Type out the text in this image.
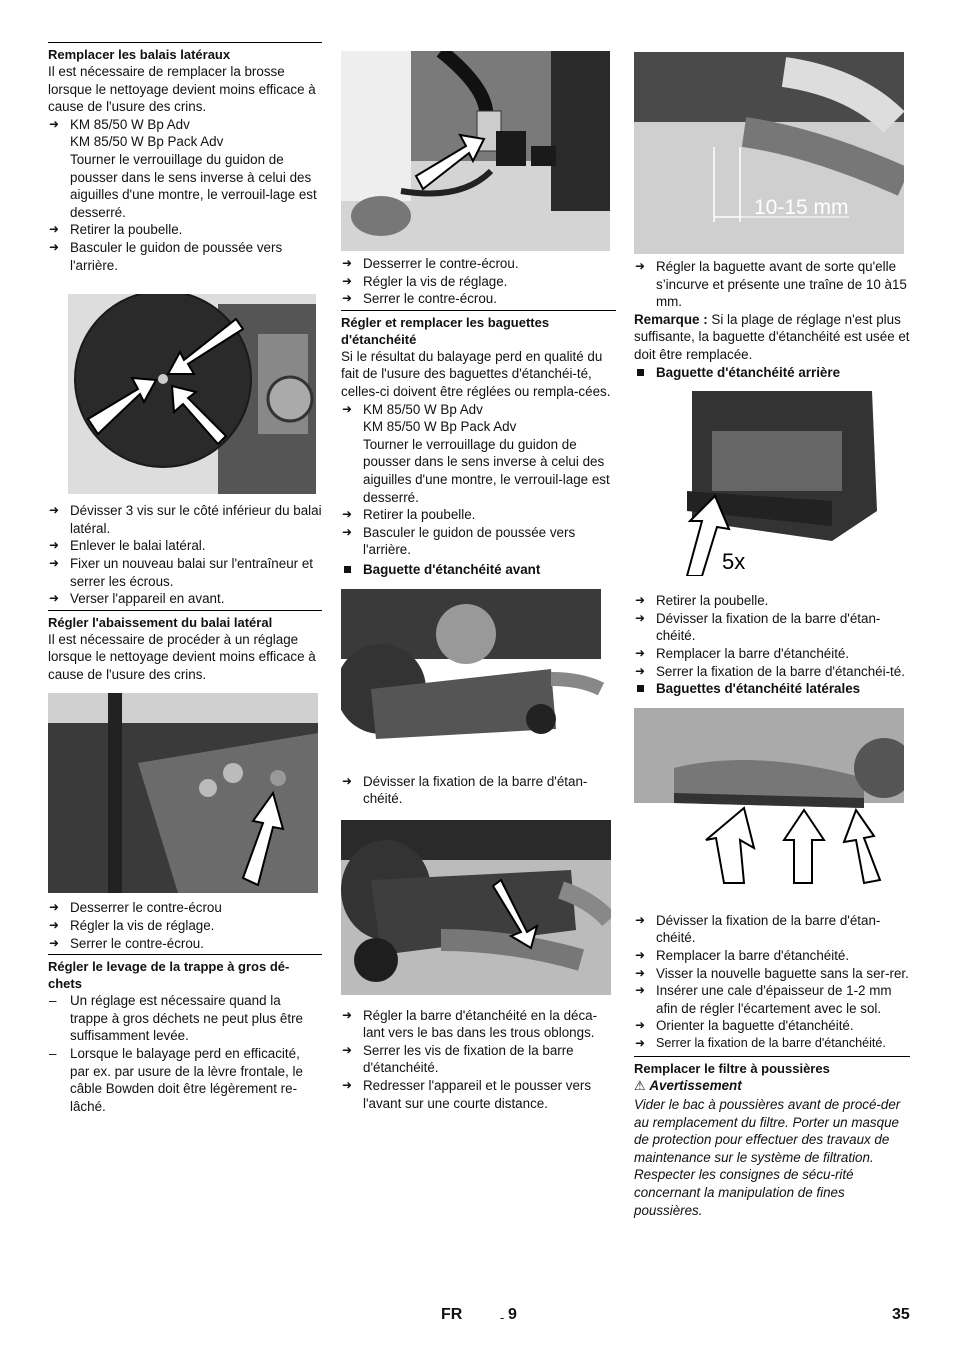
Remplacer les balais latéraux

Il est nécessaire de remplacer la brosse lorsque le nettoyage devient moins efficace à cause de l'usure des crins.

➜ KM 85/50 W Bp Adv

KM 85/50 W Bp Pack Adv

Tourner le verrouillage du guidon de pousser dans le sens inverse à celui des aiguilles d'une montre, le verrouil-lage est desserré.

➜ Retirer la poubelle.
➜ Basculer le guidon de poussée vers l'arrière.
➜ Dévisser 3 vis sur le côté inférieur du balai latéral.
➜ Enlever le balai latéral.
➜ Fixer un nouveau balai sur l'entraîneur et serrer les écrous.
➜ Verser l'appareil en avant.
Régler l'abaissement du balai latéral

Il est nécessaire de procéder à un réglage lorsque le nettoyage devient moins efficace à cause de l'usure des crins.

➜ Desserrer le contre-écrou
➜ Régler la vis de réglage.
➜ Serrer le contre-écrou.
Régler le levage de la trappe à gros dé-chets
– Un réglage est nécessaire quand la trappe à gros déchets ne peut plus être suffisamment levée.
– Lorsque le balayage perd en efficacité, par ex. par usure de la lèvre frontale, le câble Bowden doit être légèrement re-lâché.
➜ Desserrer le contre-écrou.
➜ Régler la vis de réglage.
➜ Serrer le contre-écrou.
Régler et remplacer les baguettes d'étanchéité

Si le résultat du balayage perd en qualité du fait de l'usure des baguettes d'étanchéi-té, celles-ci doivent être réglées ou rempla-cées.

➜ KM 85/50 W Bp Adv

KM 85/50 W Bp Pack Adv

Tourner le verrouillage du guidon de pousser dans le sens inverse à celui des aiguilles d'une montre, le verrouil-lage est desserré.

➜ Retirer la poubelle.
➜ Basculer le guidon de poussée vers l'arrière.

Baguette d'étanchéité avant

➜ Dévisser la fixation de la barre d'étan-chéité.
➜ Régler la barre d'étanchéité en la déca-lant vers le bas dans les trous oblongs.
➜ Serrer les vis de fixation de la barre d'étanchéité.
➜ Redresser l'appareil et le pousser vers l'avant sur une courte distance.
10-15 mm
➜ Régler la baguette avant de sorte qu'elle s’incurve et présente une traîne de 10 à15 mm.

Remarque : Si la plage de réglage n'est plus suffisante, la baguette d'étanchéité est usée et doit être remplacée.

Baguette d'étanchéité arrière

5x
➜ Retirer la poubelle.
➜ Dévisser la fixation de la barre d'étan-chéité.
➜ Remplacer la barre d'étanchéité.
➜ Serrer la fixation de la barre d'étanchéi-té.

Baguettes d'étanchéité latérales

➜ Dévisser la fixation de la barre d'étan-chéité.
➜ Remplacer la barre d'étanchéité.
➜ Visser la nouvelle baguette sans la ser-rer.
➜ Insérer une cale d'épaisseur de 1-2 mm afin de régler l'écartement avec le sol.
➜ Orienter la baguette d'étanchéité.
➜ Serrer la fixation de la barre d'étanchéité.
Remplacer le filtre à poussières

⚠ Avertissement

Vider le bac à poussières avant de procé-der au remplacement du filtre. Porter un masque de protection pour effectuer des travaux de maintenance sur le système de filtration. Respecter les consignes de sécu-rité concernant la manipulation de fines poussières.

FR	- 9	35
